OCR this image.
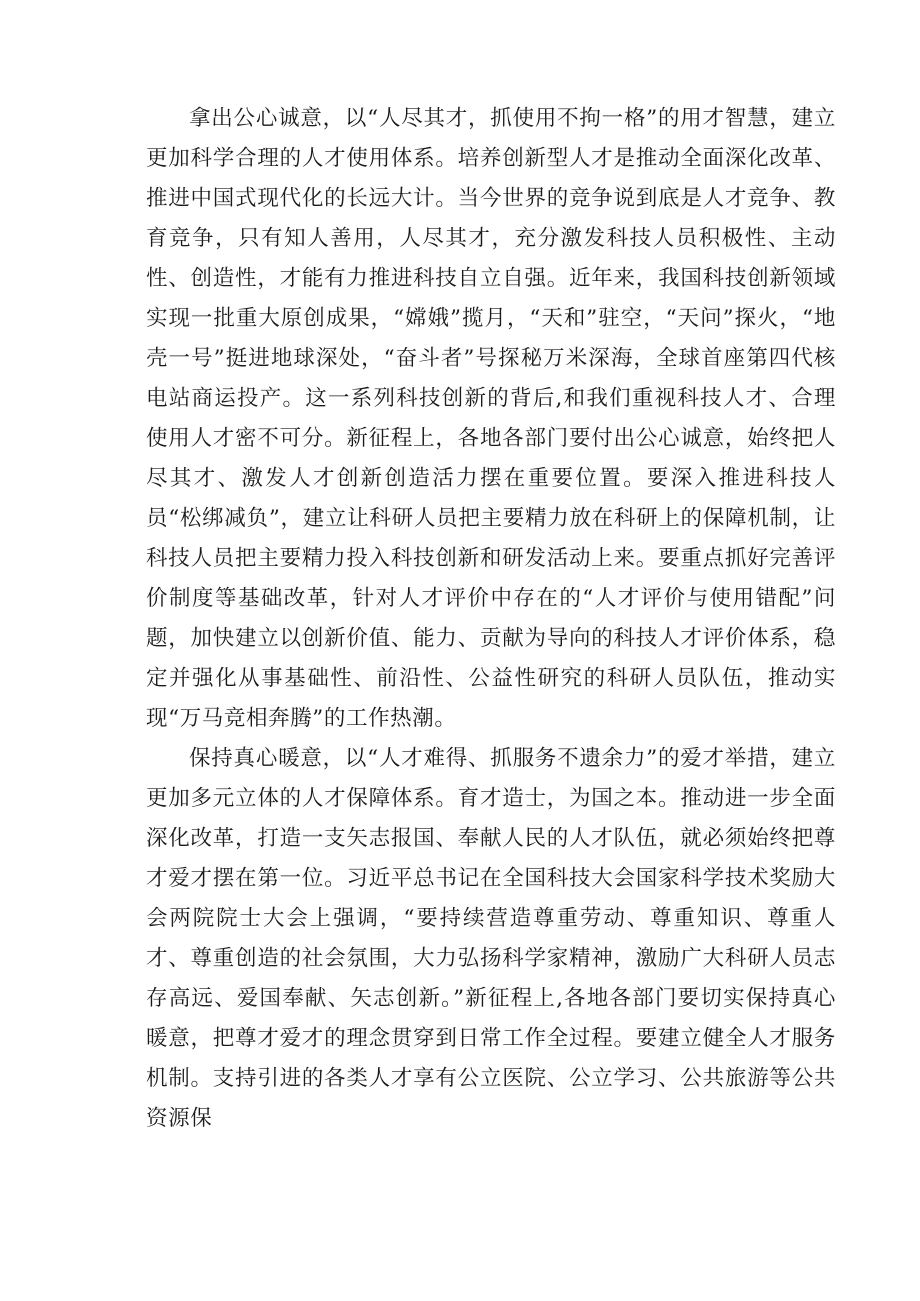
拿出公心诚意，以“人尽其才，抓使用不拘一格”的用才智慧，建立更加科学合理的人才使用体系。培养创新型人才是推动全面深化改革、推进中国式现代化的长远大计。当今世界的竞争说到底是人才竞争、教育竞争，只有知人善用，人尽其才，充分激发科技人员积极性、主动性、创造性，才能有力推进科技自立自强。近年来，我国科技创新领域实现一批重大原创成果，“嫦娥”揽月，“天和”驻空，“天问”探火，“地壳一号”挺进地球深处，“奋斗者”号探秘万米深海，全球首座第四代核电站商运投产。这一系列科技创新的背后,和我们重视科技人才、合理使用人才密不可分。新征程上，各地各部门要付出公心诚意，始终把人尽其才、激发人才创新创造活力摆在重要位置。要深入推进科技人员“松绑减负”，建立让科研人员把主要精力放在科研上的保障机制，让科技人员把主要精力投入科技创新和研发活动上来。要重点抓好完善评价制度等基础改革，针对人才评价中存在的“人才评价与使用错配”问题，加快建立以创新价值、能力、贡献为导向的科技人才评价体系，稳定并强化从事基础性、前沿性、公益性研究的科研人员队伍，推动实现“万马竞相奔腾”的工作热潮。

保持真心暖意，以“人才难得、抓服务不遗余力”的爱才举措，建立更加多元立体的人才保障体系。育才造士，为国之本。推动进一步全面深化改革，打造一支矢志报国、奉献人民的人才队伍，就必须始终把尊才爱才摆在第一位。习近平总书记在全国科技大会国家科学技术奖励大会两院院士大会上强调，“要持续营造尊重劳动、尊重知识、尊重人才、尊重创造的社会氛围，大力弘扬科学家精神，激励广大科研人员志存高远、爱国奉献、矢志创新。”新征程上,各地各部门要切实保持真心暖意，把尊才爱才的理念贯穿到日常工作全过程。要建立健全人才服务机制。支持引进的各类人才享有公立医院、公立学习、公共旅游等公共资源保
